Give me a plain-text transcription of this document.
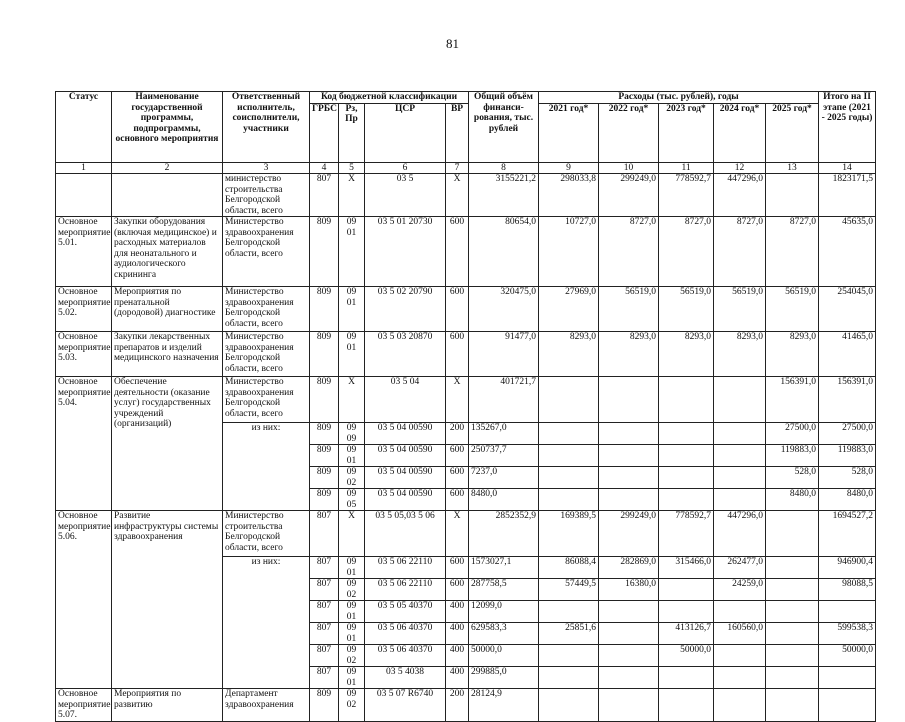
81
Статус	Наименование государственной программы, подпрограммы, основного мероприятия	Ответственный исполнитель, соисполнители, участники	Код бюджетной классификации				Общий объём финанси-рования, тыс. рублей	Расходы (тыс. рублей), годы					Итого на II этапе (2021 - 2025 годы)
			ГРБС	Рз, Пр	ЦСР	ВР		2021 год*	2022 год*	2023 год*	2024 год*	2025 год*	
1	2	3	4	5	6	7	8	9	10	11	12	13	14
		министерство строительства Белгородской области, всего	807	Х	03 5	Х	3155221,2	298033,8	299249,0	778592,7	447296,0		1823171,5
Основное мероприятие 5.01.	Закупки оборудования (включая медицинское) и расходных материалов для неонатального и аудиологического скрининга	Министерство здравоохранения Белгородской области, всего	809	09 01	03 5 01 20730	600	80654,0	10727,0	8727,0	8727,0	8727,0	8727,0	45635,0
Основное мероприятие 5.02.	Мероприятия по пренатальной (дородовой) диагностике	Министерство здравоохранения Белгородской области, всего	809	09 01	03 5 02 20790	600	320475,0	27969,0	56519,0	56519,0	56519,0	56519,0	254045,0
Основное мероприятие 5.03.	Закупки лекарственных препаратов и изделий медицинского назначения	Министерство здравоохранения Белгородской области, всего	809	09 01	03 5 03 20870	600	91477,0	8293,0	8293,0	8293,0	8293,0	8293,0	41465,0
Основное мероприятие 5.04.	Обеспечение деятельности (оказание услуг) государственных учреждений (организаций)	Министерство здравоохранения Белгородской области, всего	809	Х	03 5 04	Х	401721,7					156391,0	156391,0
		из них:	809	09 09	03 5 04 00590	200	135267,0					27500,0	27500,0
			809	09 01	03 5 04 00590	600	250737,7					119883,0	119883,0
			809	09 02	03 5 04 00590	600	7237,0					528,0	528,0
			809	09 05	03 5 04 00590	600	8480,0					8480,0	8480,0
Основное мероприятие 5.06.	Развитие инфраструктуры системы здравоохранения	Министерство строительства Белгородской области, всего	807	Х	03 5 05,03 5 06	Х	2852352,9	169389,5	299249,0	778592,7	447296,0		1694527,2
		из них:	807	09 01	03 5 06 22110	600	1573027,1	86088,4	282869,0	315466,0	262477,0		946900,4
			807	09 02	03 5 06 22110	600	287758,5	57449,5	16380,0		24259,0		98088,5
			807	09 01	03 5 05 40370	400	12099,0						
			807	09 01	03 5 06 40370	400	629583,3	25851,6		413126,7	160560,0		599538,3
			807	09 02	03 5 06 40370	400	50000,0			50000,0			50000,0
			807	09 01	03 5 4038	400	299885,0						
Основное мероприятие 5.07.	Мероприятия по развитию	Департамент здравоохранения	809	09 02	03 5 07 R6740	200	28124,9						
